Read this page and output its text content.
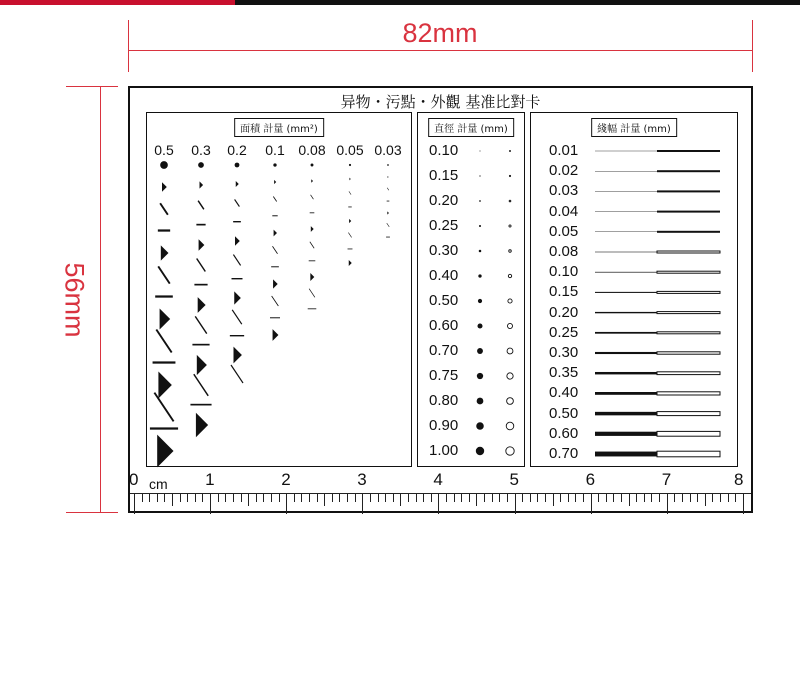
82mm
56mm
异物・污點・外觀 基准比對卡
面積 計量 (mm²)
0.5	0.3	0.2	0.1 0.08 0.05 0.03
直徑 計量 (mm)
0.10
0.15
0.20
0.25
0.30
0.40
0.50
0.60
0.70
0.75
0.80
0.90
1.00
綫幅 計量 (mm)
0.01
0.02
0.03
0.04
0.05
0.08
0.10
0.15
0.20
0.25
0.30
0.35
0.40
0.50
0.60
0.70
0	1	2	3	4	5	6	7	8
cm
